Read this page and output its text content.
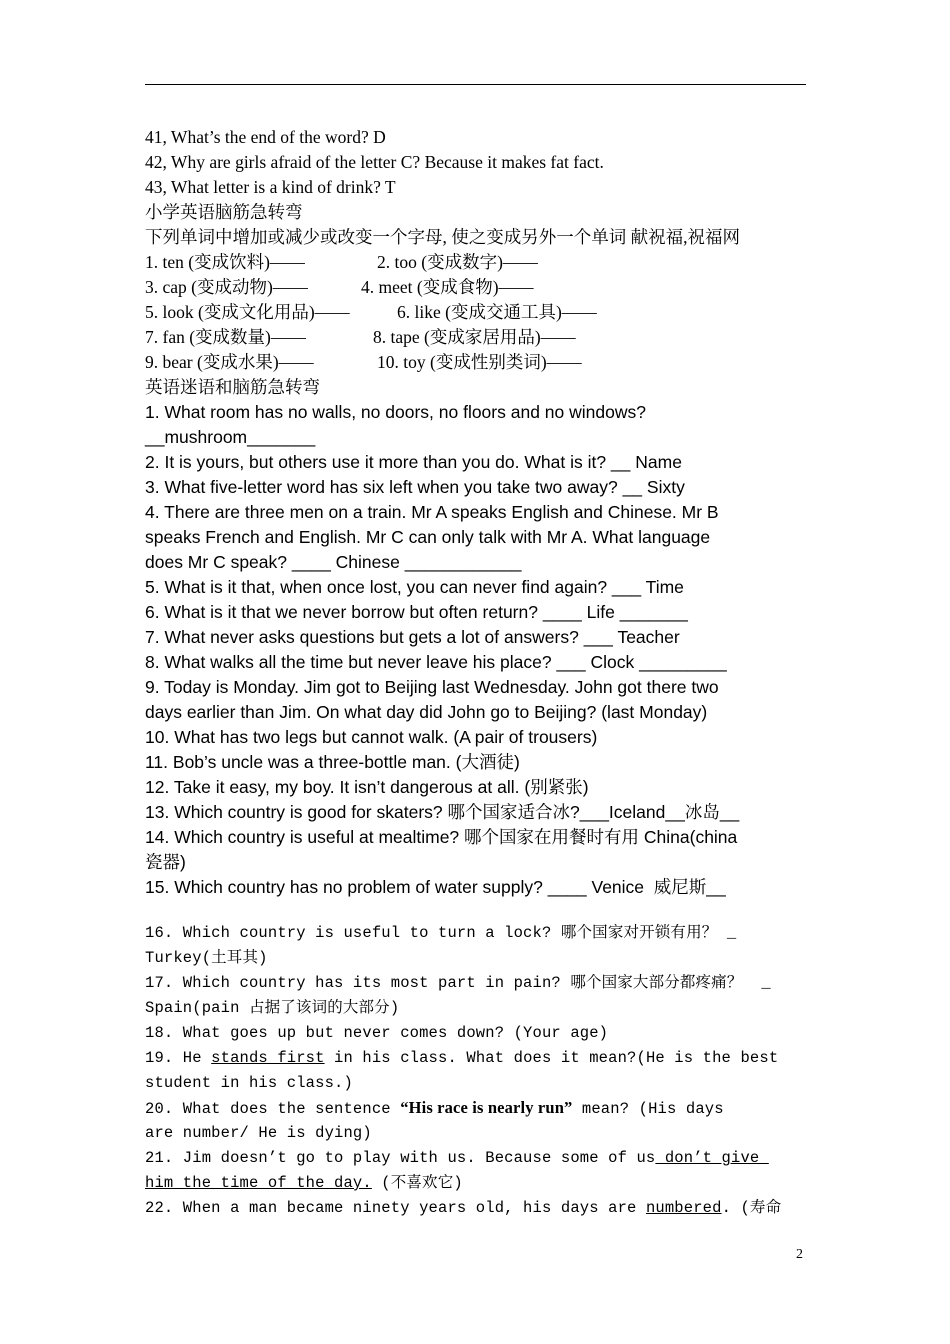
41, What’s the end of the word? D
42, Why are girls afraid of the letter C? Because it makes fat fact.
43, What letter is a kind of drink? T
小学英语脑筋急转弯
下列单词中增加或减少或改变一个字母, 使之变成另外一个单词 献祝福,祝福网
1. ten (变成饮料)——	2. too (变成数字)——
3. cap (变成动物)——	4. meet (变成食物)——
5. look (变成文化用品)——	6. like (变成交通工具)——
7. fan (变成数量)——	8. tape (变成家居用品)——
9. bear (变成水果)——	10. toy (变成性别类词)——
英语迷语和脑筋急转弯
1. What room has no walls, no doors, no floors and no windows?
__mushroom_______
2. It is yours, but others use it more than you do. What is it? __ Name
3. What five-letter word has six left when you take two away? __ Sixty
4. There are three men on a train. Mr A speaks English and Chinese. Mr B
speaks French and English. Mr C can only talk with Mr A. What language
does Mr C speak? ____ Chinese ____________
5. What is it that, when once lost, you can never find again? ___ Time
6. What is it that we never borrow but often return? ____ Life _______
7. What never asks questions but gets a lot of answers? ___ Teacher
8. What walks all the time but never leave his place? ___ Clock _________
9. Today is Monday. Jim got to Beijing last Wednesday. John got there two
days earlier than Jim. On what day did John go to Beijing? (last Monday)
10. What has two legs but cannot walk. (A pair of trousers)
11. Bob’s uncle was a three-bottle man. (大酒徒)
12. Take it easy, my boy. It isn’t dangerous at all. (别紧张)
13. Which country is good for skaters? 哪个国家适合冰?___Iceland__冰岛__
14. Which country is useful at mealtime? 哪个国家在用餐时有用 China(china
瓷器)
15. Which country has no problem of water supply? ____ Venice  威尼斯__
16. Which country is useful to turn a lock? 哪个国家对开锁有用？ _
Turkey(土耳其)
17. Which country has its most part in pain? 哪个国家大部分都疼痛？  _
Spain(pain 占据了该词的大部分)
18. What goes up but never comes down? (Your age)
19. He stands first in his class. What does it mean?(He is the best
student in his class.)
20. What does the sentence “His race is nearly run” mean? (His days
are number/ He is dying)
21. Jim doesn’t go to play with us. Because some of us don’t give
him the time of the day. (不喜欢它)
22. When a man became ninety years old, his days are numbered. (寿命
2
